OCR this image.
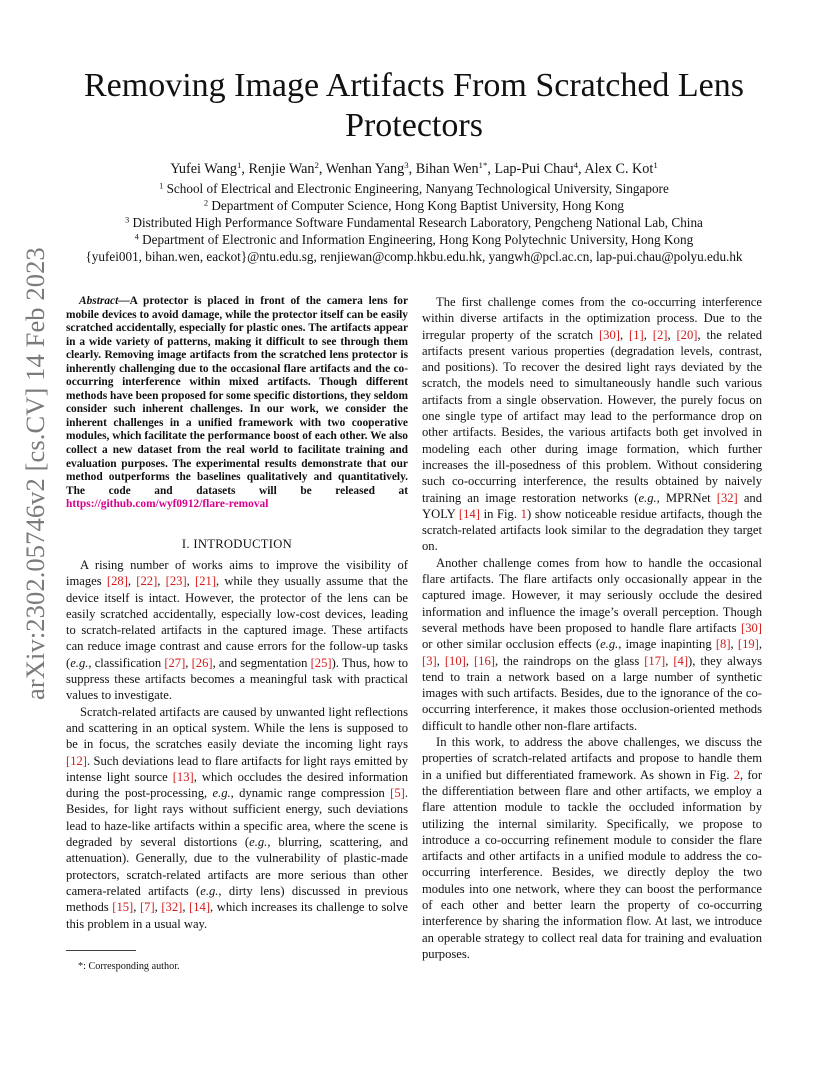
arXiv:2302.05746v2 [cs.CV] 14 Feb 2023
Removing Image Artifacts From Scratched Lens Protectors
Yufei Wang$^1$, Renjie Wan$^2$, Wenhan Yang$^3$, Bihan Wen$^{1*}$, Lap-Pui Chau$^4$, Alex C. Kot$^1$
$^1$ School of Electrical and Electronic Engineering, Nanyang Technological University, Singapore
$^2$ Department of Computer Science, Hong Kong Baptist University, Hong Kong
$^3$ Distributed High Performance Software Fundamental Research Laboratory, Pengcheng National Lab, China
$^4$ Department of Electronic and Information Engineering, Hong Kong Polytechnic University, Hong Kong
{yufei001, bihan.wen, eackot}@ntu.edu.sg, renjiewan@comp.hkbu.edu.hk, yangwh@pcl.ac.cn, lap-pui.chau@polyu.edu.hk
Abstract—A protector is placed in front of the camera lens for mobile devices to avoid damage, while the protector itself can be easily scratched accidentally, especially for plastic ones. The artifacts appear in a wide variety of patterns, making it difficult to see through them clearly. Removing image artifacts from the scratched lens protector is inherently challenging due to the occasional flare artifacts and the co-occurring interference within mixed artifacts. Though different methods have been proposed for some specific distortions, they seldom consider such inherent challenges. In our work, we consider the inherent challenges in a unified framework with two cooperative modules, which facilitate the performance boost of each other. We also collect a new dataset from the real world to facilitate training and evaluation purposes. The experimental results demonstrate that our method outperforms the baselines qualitatively and quantitatively. The code and datasets will be released at https://github.com/wyf0912/flare-removal
I. INTRODUCTION

A rising number of works aims to improve the visibility of images [28], [22], [23], [21], while they usually assume that the device itself is intact. However, the protector of the lens can be easily scratched accidentally, especially low-cost devices, leading to scratch-related artifacts in the captured image. These artifacts can reduce image contrast and cause errors for the follow-up tasks (e.g., classification [27], [26], and segmentation [25]). Thus, how to suppress these artifacts becomes a meaningful task with practical values to investigate.

Scratch-related artifacts are caused by unwanted light reflections and scattering in an optical system. While the lens is supposed to be in focus, the scratches easily deviate the incoming light rays [12]. Such deviations lead to flare artifacts for light rays emitted by intense light source [13], which occludes the desired information during the post-processing, e.g., dynamic range compression [5]. Besides, for light rays without sufficient energy, such deviations lead to haze-like artifacts within a specific area, where the scene is degraded by several distortions (e.g., blurring, scattering, and attenuation). Generally, due to the vulnerability of plastic-made protectors, scratch-related artifacts are more serious than other camera-related artifacts (e.g., dirty lens) discussed in previous methods [15], [7], [32], [14], which increases its challenge to solve this problem in a usual way.

*: Corresponding author.

The first challenge comes from the co-occurring interference within diverse artifacts in the optimization process. Due to the irregular property of the scratch [30], [1], [2], [20], the related artifacts present various properties (degradation levels, contrast, and positions). To recover the desired light rays deviated by the scratch, the models need to simultaneously handle such various artifacts from a single observation. However, the purely focus on one single type of artifact may lead to the performance drop on other artifacts. Besides, the various artifacts both get involved in modeling each other during image formation, which further increases the ill-posedness of this problem. Without considering such co-occurring interference, the results obtained by naively training an image restoration networks (e.g., MPRNet [32] and YOLY [14] in Fig. 1) show noticeable residue artifacts, though the scratch-related artifacts look similar to the degradation they target on.

Another challenge comes from how to handle the occasional flare artifacts. The flare artifacts only occasionally appear in the captured image. However, it may seriously occlude the desired information and influence the image’s overall perception. Though several methods have been proposed to handle flare artifacts [30] or other similar occlusion effects (e.g., image inapinting [8], [19], [3], [10], [16], the raindrops on the glass [17], [4]), they always tend to train a network based on a large number of synthetic images with such artifacts. Besides, due to the ignorance of the co-occurring interference, it makes those occlusion-oriented methods difficult to handle other non-flare artifacts.

In this work, to address the above challenges, we discuss the properties of scratch-related artifacts and propose to handle them in a unified but differentiated framework. As shown in Fig. 2, for the differentiation between flare and other artifacts, we employ a flare attention module to tackle the occluded information by utilizing the internal similarity. Specifically, we propose to introduce a co-occurring refinement module to consider the flare artifacts and other artifacts in a unified module to address the co-occurring interference. Besides, we directly deploy the two modules into one network, where they can boost the performance of each other and better learn the property of co-occurring interference by sharing the information flow. At last, we introduce an operable strategy to collect real data for training and evaluation purposes.
